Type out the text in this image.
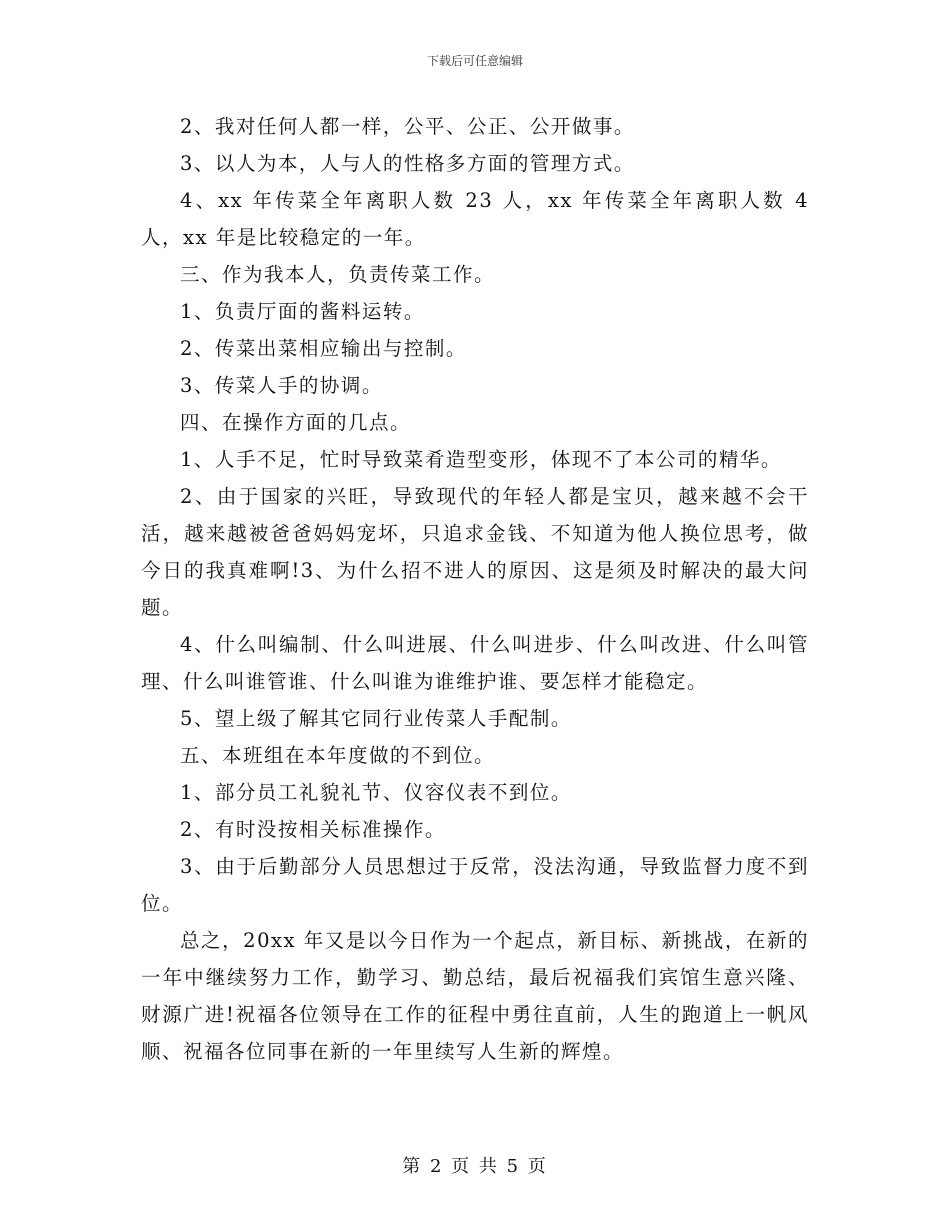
下载后可任意编辑

2、我对任何人都一样，公平、公正、公开做事。

3、以人为本，人与人的性格多方面的管理方式。

4、xx 年传菜全年离职人数 23 人，xx 年传菜全年离职人数 4 人，xx 年是比较稳定的一年。

三、作为我本人，负责传菜工作。

1、负责厅面的酱料运转。

2、传菜出菜相应输出与控制。

3、传菜人手的协调。

四、在操作方面的几点。

1、人手不足，忙时导致菜肴造型变形，体现不了本公司的精华。

2、由于国家的兴旺，导致现代的年轻人都是宝贝，越来越不会干活，越来越被爸爸妈妈宠坏，只追求金钱、不知道为他人换位思考，做今日的我真难啊!3、为什么招不进人的原因、这是须及时解决的最大问题。

4、什么叫编制、什么叫进展、什么叫进步、什么叫改进、什么叫管理、什么叫谁管谁、什么叫谁为谁维护谁、要怎样才能稳定。

5、望上级了解其它同行业传菜人手配制。

五、本班组在本年度做的不到位。

1、部分员工礼貌礼节、仪容仪表不到位。

2、有时没按相关标准操作。

3、由于后勤部分人员思想过于反常，没法沟通，导致监督力度不到位。

总之，20xx 年又是以今日作为一个起点，新目标、新挑战，在新的一年中继续努力工作，勤学习、勤总结，最后祝福我们宾馆生意兴隆、财源广进!祝福各位领导在工作的征程中勇往直前，人生的跑道上一帆风顺、祝福各位同事在新的一年里续写人生新的辉煌。

第 2 页 共 5 页
